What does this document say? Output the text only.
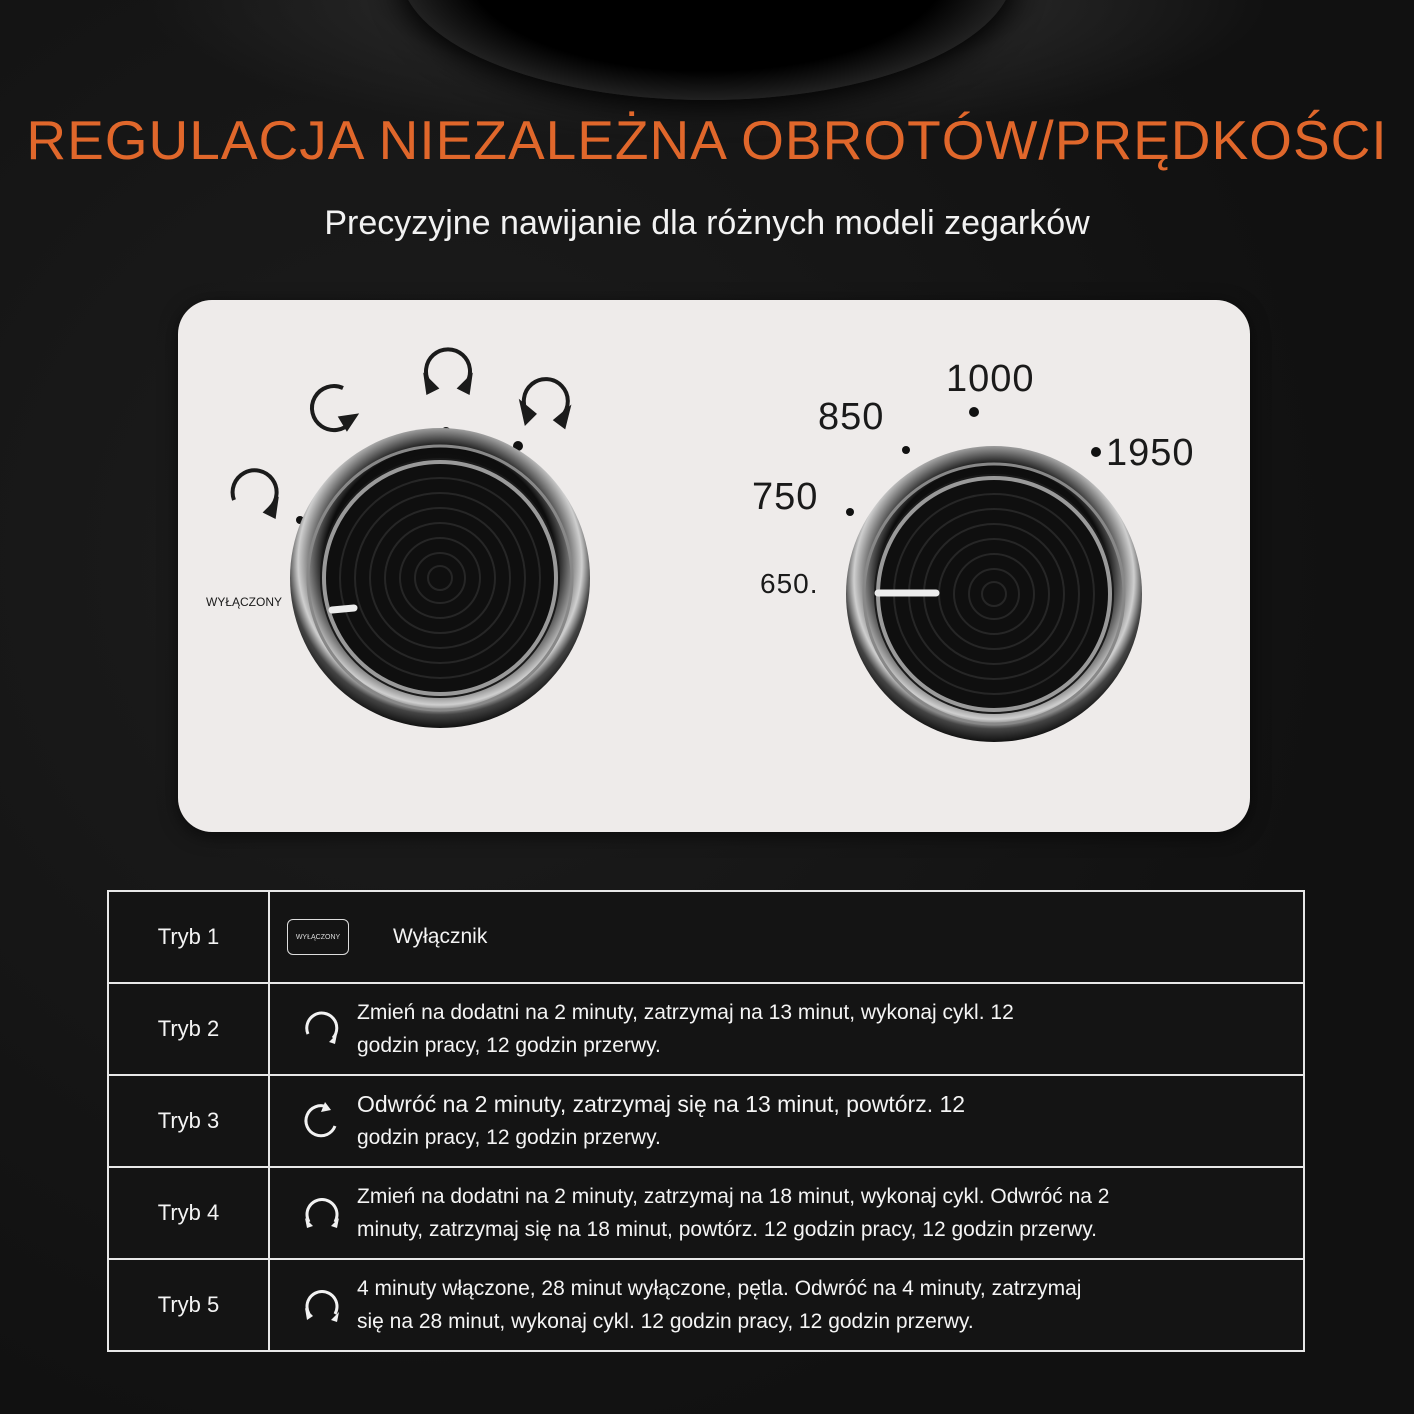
REGULACJA NIEZALEŻNA OBROTÓW/PRĘDKOŚCI
Precyzyjne nawijanie dla różnych modeli zegarków
WYŁĄCZONY
650.
750
850
1000
1950
Tryb 1	WYŁĄCZONY Wyłącznik

Tryb 2	Zmień na dodatni na 2 minuty, zatrzymaj na 13 minut, wykonaj cykl. 12
godzin pracy, 12 godzin przerwy.

Tryb 3	Odwróć na 2 minuty, zatrzymaj się na 13 minut, powtórz. 12
godzin pracy, 12 godzin przerwy.

Tryb 4	Zmień na dodatni na 2 minuty, zatrzymaj na 18 minut, wykonaj cykl. Odwróć na 2
minuty, zatrzymaj się na 18 minut, powtórz. 12 godzin pracy, 12 godzin przerwy.

Tryb 5	4 minuty włączone, 28 minut wyłączone, pętla. Odwróć na 4 minuty, zatrzymaj
się na 28 minut, wykonaj cykl. 12 godzin pracy, 12 godzin przerwy.
